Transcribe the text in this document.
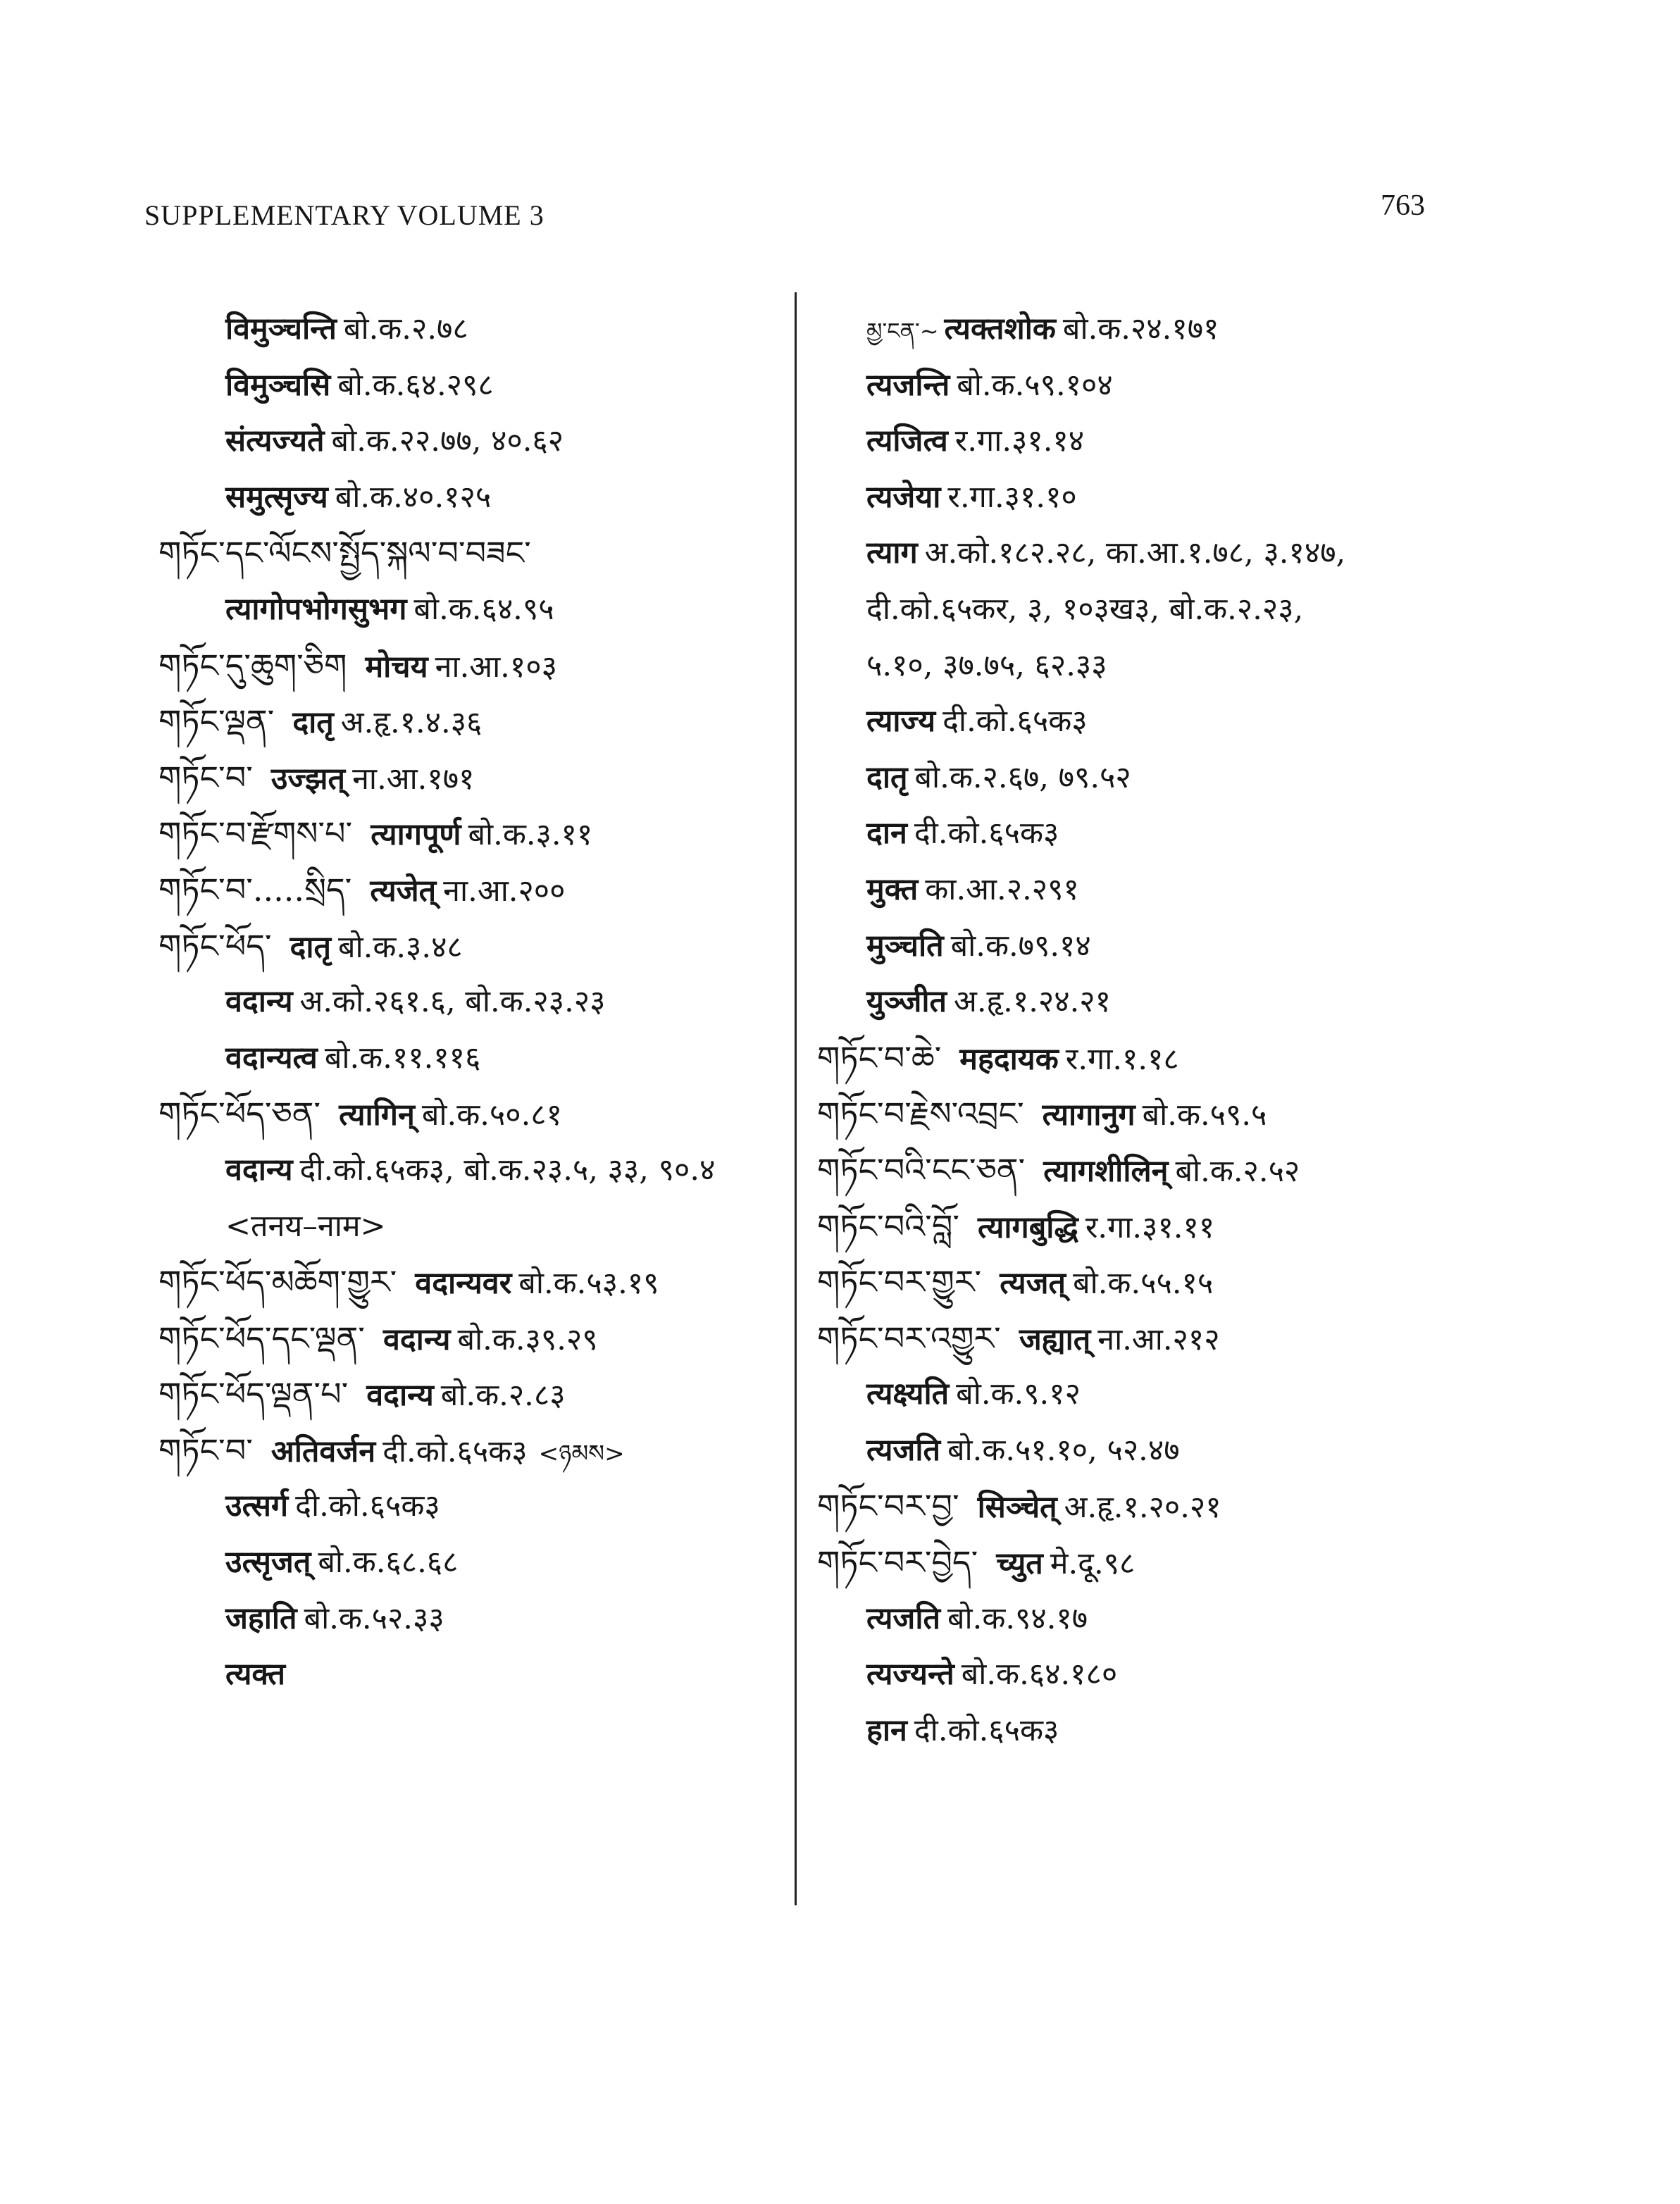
SUPPLEMENTARY VOLUME 3	763
विमुञ्चन्ति बो.क.२.७८
विमुञ्चसि बो.क.६४.२९८
संत्यज्यते बो.क.२२.७७, ४०.६२
समुत्सृज्य बो.क.४०.१२५
གཏོང་དང་ལོངས་སྤྱོད་སྐལ་བ་བཟང་
त्यागोपभोगसुभग बो.क.६४.९५
གཏོང་དུ་ཆུག་ཅིག मोचय ना.आ.१०३
གཏོང་ལྡན་ दातृ अ.हृ.१.४.३६
གཏོང་བ་ उज्झत् ना.आ.१७१
གཏོང་བ་རྫོགས་པ་ त्यागपूर्ण बो.क.३.११
གཏོང་བ་.....སྲིད་ त्यजेत् ना.आ.२००
གཏོང་ཕོད་ दातृ बो.क.३.४८
वदान्य अ.को.२६१.६, बो.क.२३.२३
वदान्यत्व बो.क.११.११६
གཏོང་ཕོད་ཅན་ त्यागिन् बो.क.५०.८१
वदान्य दी.को.६५क३, बो.क.२३.५, ३३, ९०.४
<तनय–नाम>
གཏོང་ཕོད་མཆོག་གྱུར་ वदान्यवर बो.क.५३.१९
གཏོང་ཕོད་དང་ལྡན་ वदान्य बो.क.३९.२९
གཏོང་ཕོད་ལྡན་པ་ वदान्य बो.क.२.८३
གཏོང་བ་ अतिवर्जन दी.को.६५क३ <ཉམས>
उत्सर्ग दी.को.६५क३
उत्सृजत् बो.क.६८.६८
जहाति बो.क.५२.३३
त्यक्त
མྱ་ངན་~ त्यक्तशोक बो.क.२४.१७१
त्यजन्ति बो.क.५९.१०४
त्यजित्व र.गा.३१.१४
त्यजेया र.गा.३१.१०
त्याग अ.को.१८२.२८, का.आ.१.७८, ३.१४७,
दी.को.६५कर, ३, १०३ख३, बो.क.२.२३,
५.१०, ३७.७५, ६२.३३
त्याज्य दी.को.६५क३
दातृ बो.क.२.६७, ७९.५२
दान दी.को.६५क३
मुक्त का.आ.२.२९१
मुञ्चति बो.क.७९.१४
युञ्जीत अ.हृ.१.२४.२१
གཏོང་བ་ཆེ་ महदायक र.गा.१.१८
གཏོང་བ་རྗེས་འབྲང་ त्यागानुग बो.क.५९.५
གཏོང་བའི་ངང་ཅན་ त्यागशीलिन् बो.क.२.५२
གཏོང་བའི་བློ་ त्यागबुद्धि र.गा.३१.११
གཏོང་བར་གྱུར་ त्यजत् बो.क.५५.१५
གཏོང་བར་འགྱུར་ जह्यात् ना.आ.२१२
त्यक्ष्यति बो.क.९.१२
त्यजति बो.क.५१.१०, ५२.४७
གཏོང་བར་བྱ་ सिञ्चेत् अ.हृ.१.२०.२१
གཏོང་བར་བྱེད་ च्युत मे.दू.९८
त्यजति बो.क.९४.१७
त्यज्यन्ते बो.क.६४.१८०
हान दी.को.६५क३
